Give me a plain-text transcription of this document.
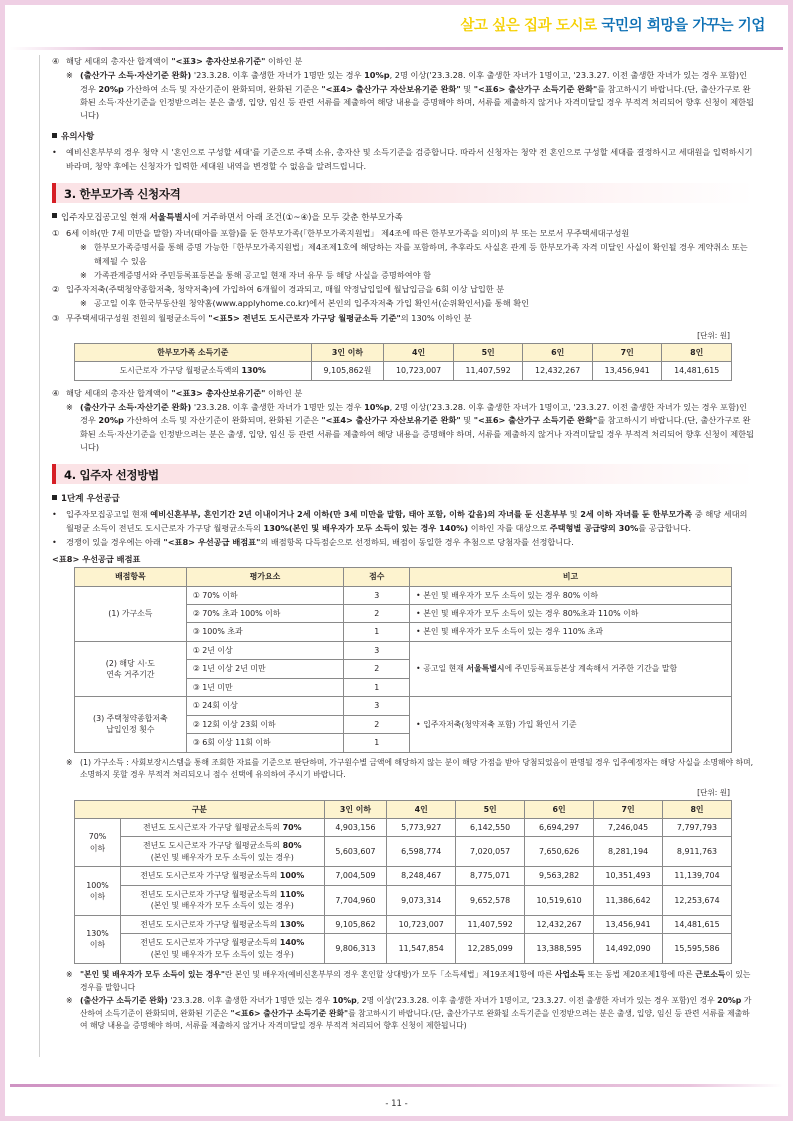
살고 싶은 집과 도시로 국민의 희망을 가꾸는 기업

④ 해당 세대의 총자산 합계액이 "<표3> 총자산보유기준" 이하인 분

※ (출산가구 소득·자산기준 완화) '23.3.28. 이후 출생한 자녀가 1명만 있는 경우 10%p, 2명 이상('23.3.28. 이후 출생한 자녀가 1명이고, '23.3.27. 이전 출생한 자녀가 있는 경우 포함)인 경우 20%p 가산하여 소득 및 자산기준이 완화되며, 완화된 기준은 "<표4> 출산가구 자산보유기준 완화" 및 "<표6> 출산가구 소득기준 완화"를 참고하시기 바랍니다.(단, 출산가구로 완화된 소득·자산기준을 인정받으려는 분은 출생, 입양, 임신 등 관련 서류를 제출하여 해당 내용을 증명해야 하며, 서류를 제출하지 않거나 자격미달일 경우 부적격 처리되어 향후 신청이 제한됩니다)

유의사항

• 예비신혼부부의 경우 청약 시 '혼인으로 구성할 세대'를 기준으로 주택 소유, 총자산 및 소득기준을 검증합니다. 따라서 신청자는 청약 전 혼인으로 구성할 세대를 결정하시고 세대원을 입력하시기 바라며, 청약 후에는 신청자가 입력한 세대원 내역을 변경할 수 없음을 알려드립니다.

3. 한부모가족 신청자격

입주자모집공고일 현재 서울특별시에 거주하면서 아래 조건(①~④)을 모두 갖춘 한부모가족

① 6세 이하(만 7세 미만을 말함) 자녀(태아를 포함)를 둔 한부모가족(「한부모가족지원법」 제4조에 따른 한부모가족을 의미)의 부 또는 모로서 무주택세대구성원

※ 한부모가족증명서를 통해 증명 가능한「한부모가족지원법」제4조제1호에 해당하는 자를 포함하며, 추후라도 사실혼 관계 등 한부모가족 자격 미달인 사실이 확인될 경우 계약취소 또는 해제될 수 있음

※ 가족관계증명서와 주민등록표등본을 통해 공고일 현재 자녀 유무 등 해당 사실을 증명하여야 함

② 입주자저축(주택청약종합저축, 청약저축)에 가입하여 6개월이 경과되고, 매월 약정납입일에 월납입금을 6회 이상 납입한 분

※ 공고일 이후 한국부동산원 청약홈(www.applyhome.co.kr)에서 본인의 입주자저축 가입 확인서(순위확인서)를 통해 확인

③ 무주택세대구성원 전원의 월평균소득이 "<표5> 전년도 도시근로자 가구당 월평균소득 기준"의 130% 이하인 분

[단위: 원]
한부모가족 소득기준	3인 이하	4인	5인	6인	7인	8인
도시근로자 가구당 월평균소득액의 130%	9,105,862원	10,723,007	11,407,592	12,432,267	13,456,941	14,481,615

④ 해당 세대의 총자산 합계액이 "<표3> 총자산보유기준" 이하인 분

※ (출산가구 소득·자산기준 완화) '23.3.28. 이후 출생한 자녀가 1명만 있는 경우 10%p, 2명 이상('23.3.28. 이후 출생한 자녀가 1명이고, '23.3.27. 이전 출생한 자녀가 있는 경우 포함)인 경우 20%p 가산하여 소득 및 자산기준이 완화되며, 완화된 기준은 "<표4> 출산가구 자산보유기준 완화" 및 "<표6> 출산가구 소득기준 완화"를 참고하시기 바랍니다.(단, 출산가구로 완화된 소득·자산기준을 인정받으려는 분은 출생, 입양, 임신 등 관련 서류를 제출하여 해당 내용을 증명해야 하며, 서류를 제출하지 않거나 자격미달일 경우 부적격 처리되어 향후 신청이 제한됩니다)

4. 입주자 선정방법

1단계 우선공급

• 입주자모집공고일 현재 예비신혼부부, 혼인기간 2년 이내이거나 2세 이하(만 3세 미만을 말함, 태아 포함, 이하 같음)의 자녀를 둔 신혼부부 및 2세 이하 자녀를 둔 한부모가족 중 해당 세대의 월평균 소득이 전년도 도시근로자 가구당 월평균소득의 130%(본인 및 배우자가 모두 소득이 있는 경우 140%) 이하인 자를 대상으로 주택형별 공급량의 30%를 공급합니다.

• 경쟁이 있을 경우에는 아래 "<표8> 우선공급 배점표"의 배점항목 다득점순으로 선정하되, 배점이 동일한 경우 추첨으로 당첨자를 선정합니다.

<표8> 우선공급 배점표

배점항목	평가요소	점수	비고
(1) 가구소득	① 70% 이하	3	• 본인 및 배우자가 모두 소득이 있는 경우 80% 이하
	② 70% 초과 100% 이하	2	• 본인 및 배우자가 모두 소득이 있는 경우 80%초과 110% 이하
	③ 100% 초과	1	• 본인 및 배우자가 모두 소득이 있는 경우 110% 초과
(2) 해당 시·도
연속 거주기간	① 2년 이상	3	• 공고일 현재 서울특별시에 주민등록표등본상 계속해서 거주한 기간을 말함
	② 1년 이상 2년 미만	2	
	③ 1년 미만	1	
(3) 주택청약종합저축
납입인정 횟수	① 24회 이상	3	• 입주자저축(청약저축 포함) 가입 확인서 기준
	② 12회 이상 23회 이하	2	
	③ 6회 이상 11회 이하	1	

※ (1) 가구소득 : 사회보장시스템을 통해 조회한 자료를 기준으로 판단하며, 가구원수별 금액에 해당하지 않는 분이 해당 가점을 받아 당첨되었음이 판명될 경우 입주예정자는 해당 사실을 소명해야 하며, 소명하지 못할 경우 부적격 처리되오니 점수 선택에 유의하여 주시기 바랍니다.

[단위: 원]
구분		3인 이하	4인	5인	6인	7인	8인
70%
이하	전년도 도시근로자 가구당 월평균소득의 70%	4,903,156	5,773,927	6,142,550	6,694,297	7,246,045	7,797,793
	전년도 도시근로자 가구당 월평균소득의 80%
(본인 및 배우자가 모두 소득이 있는 경우)	5,603,607	6,598,774	7,020,057	7,650,626	8,281,194	8,911,763
100%
이하	전년도 도시근로자 가구당 월평균소득의 100%	7,004,509	8,248,467	8,775,071	9,563,282	10,351,493	11,139,704
	전년도 도시근로자 가구당 월평균소득의 110%
(본인 및 배우자가 모두 소득이 있는 경우)	7,704,960	9,073,314	9,652,578	10,519,610	11,386,642	12,253,674
130%
이하	전년도 도시근로자 가구당 월평균소득의 130%	9,105,862	10,723,007	11,407,592	12,432,267	13,456,941	14,481,615
	전년도 도시근로자 가구당 월평균소득의 140%
(본인 및 배우자가 모두 소득이 있는 경우)	9,806,313	11,547,854	12,285,099	13,388,595	14,492,090	15,595,586

※ "본인 및 배우자가 모두 소득이 있는 경우"란 본인 및 배우자(예비신혼부부의 경우 혼인할 상대방)가 모두「소득세법」제19조제1항에 따른 사업소득 또는 동법 제20조제1항에 따른 근로소득이 있는 경우를 말합니다

※ (출산가구 소득기준 완화) '23.3.28. 이후 출생한 자녀가 1명만 있는 경우 10%p, 2명 이상('23.3.28. 이후 출생한 자녀가 1명이고, '23.3.27. 이전 출생한 자녀가 있는 경우 포함)인 경우 20%p 가산하여 소득기준이 완화되며, 완화된 기준은 "<표6> 출산가구 소득기준 완화"를 참고하시기 바랍니다.(단, 출산가구로 완화될 소득기준을 인정받으려는 분은 출생, 입양, 임신 등 관련 서류를 제출하여 해당 내용을 증명해야 하며, 서류를 제출하지 않거나 자격미달일 경우 부적격 처리되어 향후 신청이 제한됩니다)

- 11 -
